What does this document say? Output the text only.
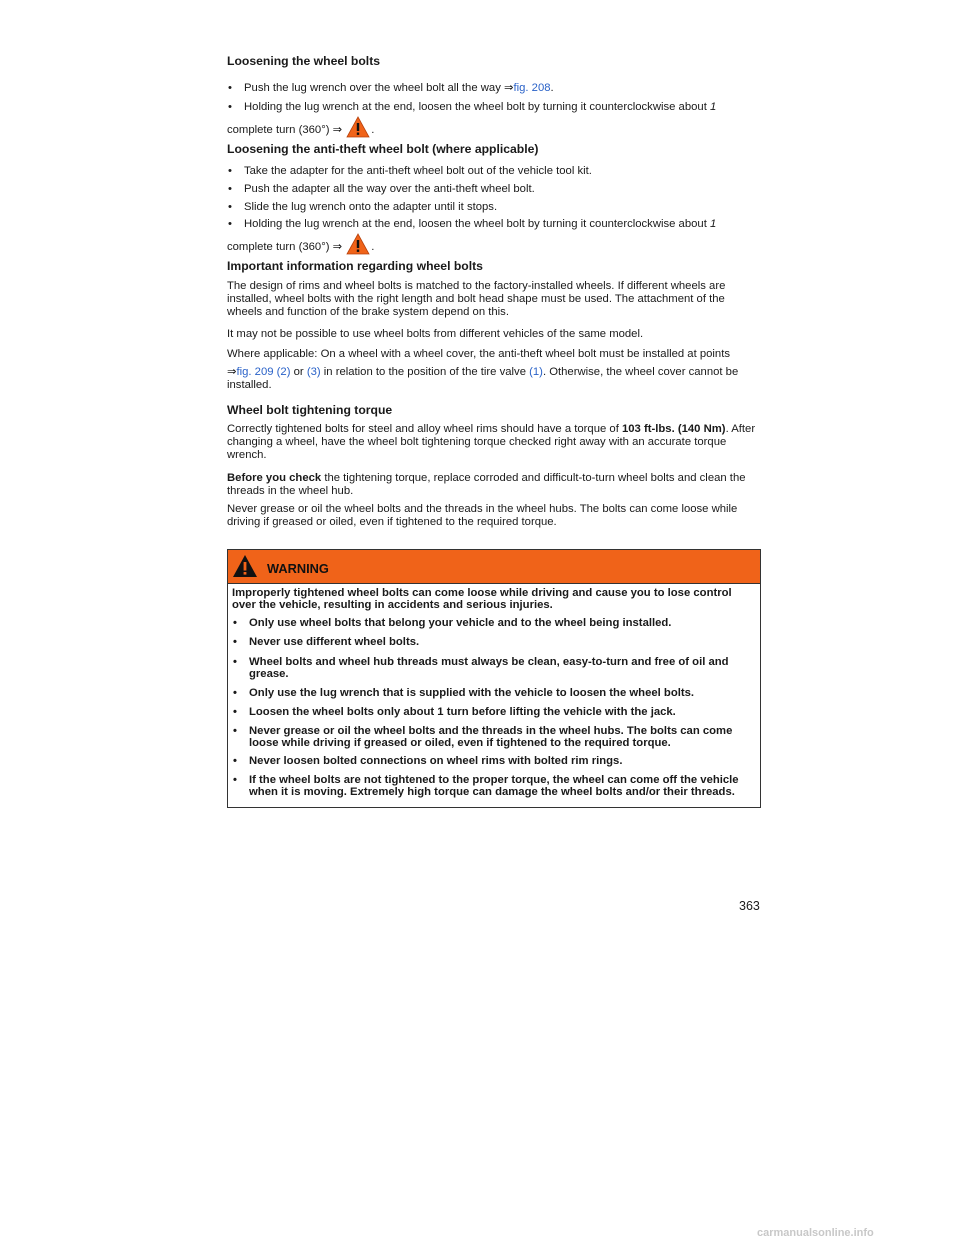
Loosening the wheel bolts
•	Push the lug wrench over the wheel bolt all the way ⇒fig. 208.
•	Holding the lug wrench at the end, loosen the wheel bolt by turning it counterclockwise about 1
complete turn (360°) ⇒	.
Loosening the anti-theft wheel bolt (where applicable)
•	Take the adapter for the anti-theft wheel bolt out of the vehicle tool kit.
•	Push the adapter all the way over the anti-theft wheel bolt.
•	Slide the lug wrench onto the adapter until it stops.
•	Holding the lug wrench at the end, loosen the wheel bolt by turning it counterclockwise about 1
complete turn (360°) ⇒	.
Important information regarding wheel bolts

The design of rims and wheel bolts is matched to the factory-installed wheels. If different wheels are installed, wheel bolts with the right length and bolt head shape must be used. The attachment of the wheels and function of the brake system depend on this.

It may not be possible to use wheel bolts from different vehicles of the same model.

Where applicable: On a wheel with a wheel cover, the anti-theft wheel bolt must be installed at points

⇒fig. 209 (2) or (3) in relation to the position of the tire valve (1). Otherwise, the wheel cover cannot be installed.

Wheel bolt tightening torque

Correctly tightened bolts for steel and alloy wheel rims should have a torque of 103 ft-lbs. (140 Nm). After changing a wheel, have the wheel bolt tightening torque checked right away with an accurate torque wrench.

Before you check the tightening torque, replace corroded and difficult-to-turn wheel bolts and clean the threads in the wheel hub.

Never grease or oil the wheel bolts and the threads in the wheel hubs. The bolts can come loose while driving if greased or oiled, even if tightened to the required torque.

WARNING
Improperly tightened wheel bolts can come loose while driving and cause you to lose control over the vehicle, resulting in accidents and serious injuries.
•	Only use wheel bolts that belong your vehicle and to the wheel being installed.
•	Never use different wheel bolts.
•	Wheel bolts and wheel hub threads must always be clean, easy-to-turn and free of oil and grease.
•	Only use the lug wrench that is supplied with the vehicle to loosen the wheel bolts.
•	Loosen the wheel bolts only about 1 turn before lifting the vehicle with the jack.
•	Never grease or oil the wheel bolts and the threads in the wheel hubs. The bolts can come loose while driving if greased or oiled, even if tightened to the required torque.
•	Never loosen bolted connections on wheel rims with bolted rim rings.
•	If the wheel bolts are not tightened to the proper torque, the wheel can come off the vehicle when it is moving. Extremely high torque can damage the wheel bolts and/or their threads.
363
carmanualsonline.info
